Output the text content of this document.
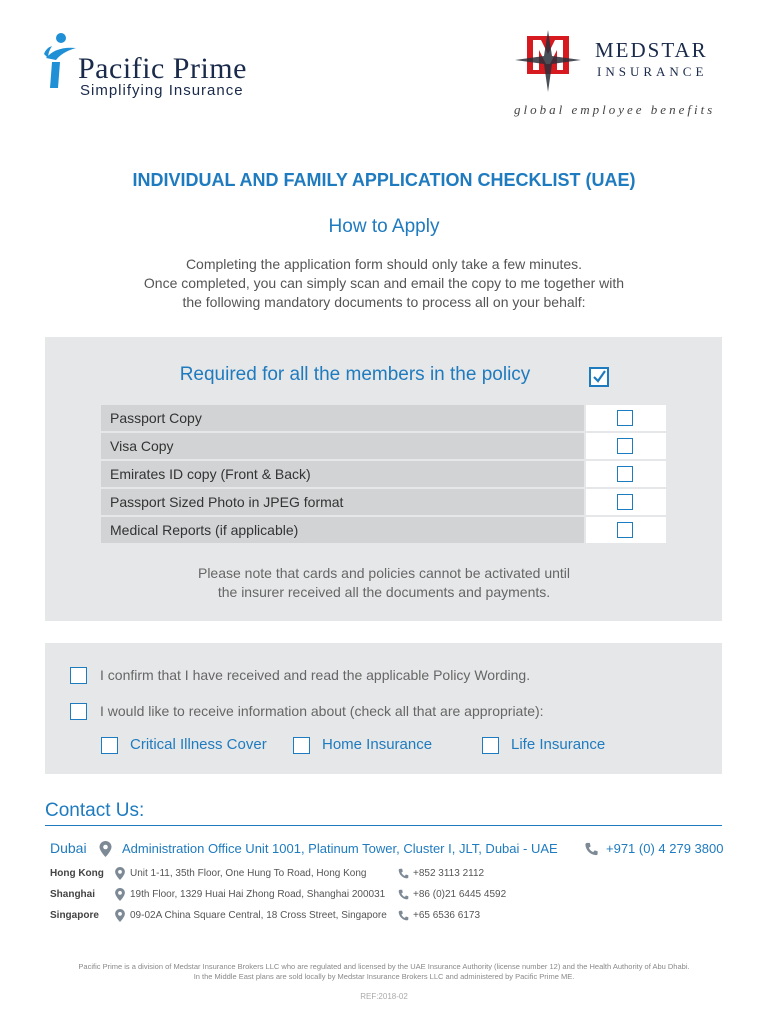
Pacific Prime
Simplifying Insurance
MEDSTAR
INSURANCE
global employee benefits
INDIVIDUAL AND FAMILY APPLICATION CHECKLIST (UAE)
How to Apply
Completing the application form should only take a few minutes.
Once completed, you can simply scan and email the copy to me together with
the following mandatory documents to process all on your behalf:
Required for all the members in the policy
Passport Copy
Visa Copy
Emirates ID copy (Front & Back)
Passport Sized Photo in JPEG format
Medical Reports (if applicable)
Please note that cards and policies cannot be activated until
the insurer received all the documents and payments.
I confirm that I have received and read the applicable Policy Wording.
I would like to receive information about (check all that are appropriate):
Critical Illness Cover	Home Insurance	Life Insurance
Contact Us:
Dubai	Administration Office Unit 1001, Platinum Tower, Cluster I, JLT, Dubai - UAE	+971 (0) 4 279 3800
Hong Kong	Unit 1-11, 35th Floor, One Hung To Road, Hong Kong	+852 3113 2112
Shanghai	19th Floor, 1329 Huai Hai Zhong Road, Shanghai 200031	+86 (0)21 6445 4592
Singapore	09-02A China Square Central, 18 Cross Street, Singapore	+65 6536 6173
Pacific Prime is a division of Medstar Insurance Brokers LLC who are regulated and licensed by the UAE Insurance Authority (license number 12) and the Health Authority of Abu Dhabi.
In the Middle East plans are sold locally by Medstar Insurance Brokers LLC and administered by Pacific Prime ME.
REF:2018-02
